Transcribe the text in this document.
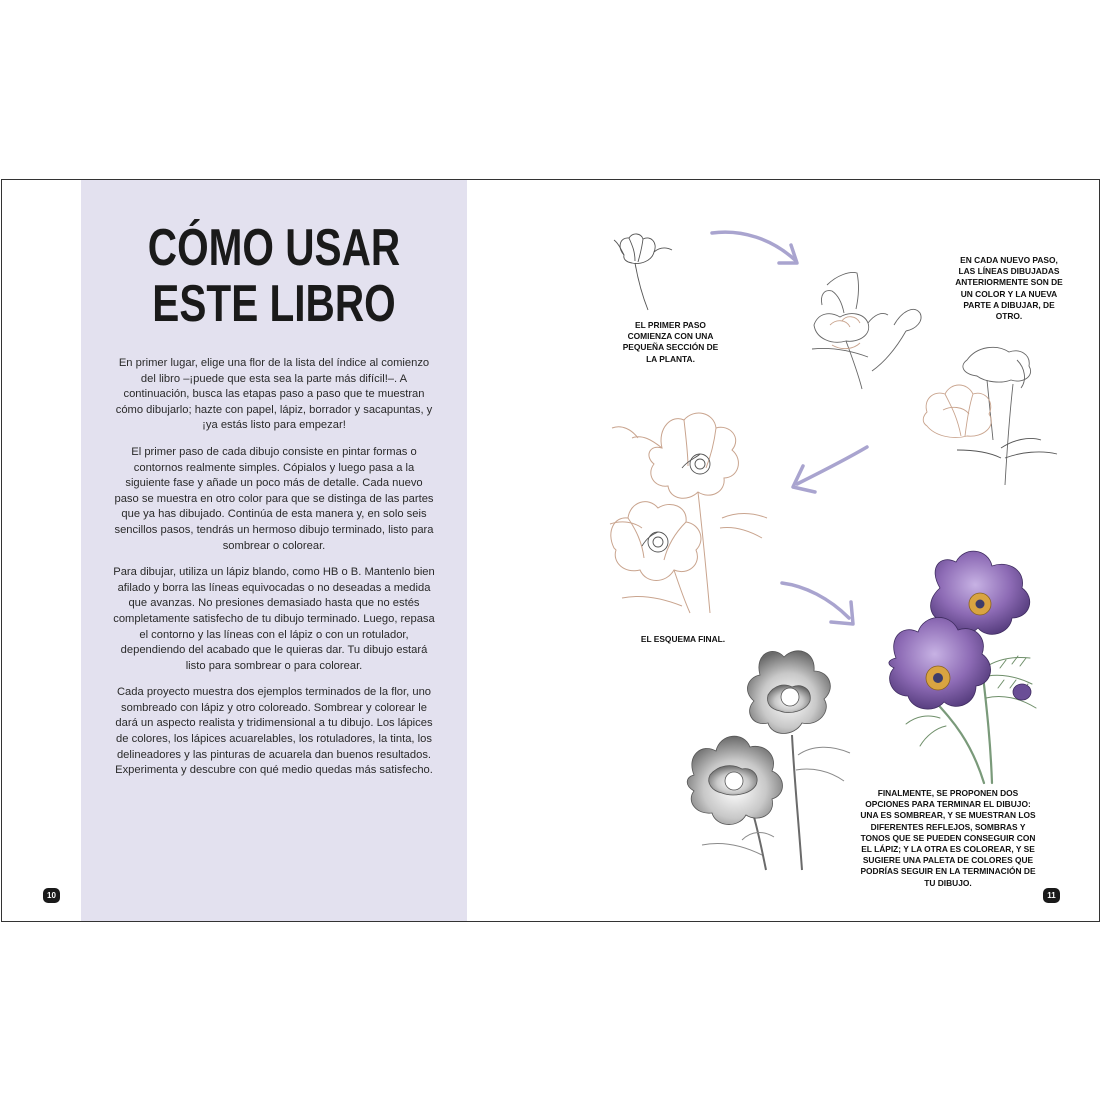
CÓMO USAR
ESTE LIBRO

En primer lugar, elige una flor de la lista del índice al comienzo del libro –¡puede que esta sea la parte más difícil!–. A continuación, busca las etapas paso a paso que te muestran cómo dibujarlo; hazte con papel, lápiz, borrador y sacapuntas, y ¡ya estás listo para empezar!

El primer paso de cada dibujo consiste en pintar formas o contornos realmente simples. Cópialos y luego pasa a la siguiente fase y añade un poco más de detalle. Cada nuevo paso se muestra en otro color para que se distinga de las partes que ya has dibujado. Continúa de esta manera y, en solo seis sencillos pasos, tendrás un hermoso dibujo terminado, listo para sombrear o colorear.

Para dibujar, utiliza un lápiz blando, como HB o B. Mantenlo bien afilado y borra las líneas equivocadas o no deseadas a medida que avanzas. No presiones demasiado hasta que no estés completamente satisfecho de tu dibujo terminado. Luego, repasa el contorno y las líneas con el lápiz o con un rotulador, dependiendo del acabado que le quieras dar. Tu dibujo estará listo para sombrear o para colorear.

Cada proyecto muestra dos ejemplos terminados de la flor, uno sombreado con lápiz y otro coloreado. Sombrear y colorear le dará un aspecto realista y tridimensional a tu dibujo. Los lápices de colores, los lápices acuarelables, los rotuladores, la tinta, los delineadores y las pinturas de acuarela dan buenos resultados. Experimenta y descubre con qué medio quedas más satisfecho.

10
EL PRIMER PASO COMIENZA CON UNA PEQUEÑA SECCIÓN DE LA PLANTA.
EN CADA NUEVO PASO, LAS LÍNEAS DIBUJADAS ANTERIORMENTE SON DE UN COLOR Y LA NUEVA PARTE A DIBUJAR, DE OTRO.
EL ESQUEMA FINAL.
FINALMENTE, SE PROPONEN DOS OPCIONES PARA TERMINAR EL DIBUJO: UNA ES SOMBREAR, Y SE MUESTRAN LOS DIFERENTES REFLEJOS, SOMBRAS Y TONOS QUE SE PUEDEN CONSEGUIR CON EL LÁPIZ; Y LA OTRA ES COLOREAR, Y SE SUGIERE UNA PALETA DE COLORES QUE PODRÍAS SEGUIR EN LA TERMINACIÓN DE TU DIBUJO.
11
